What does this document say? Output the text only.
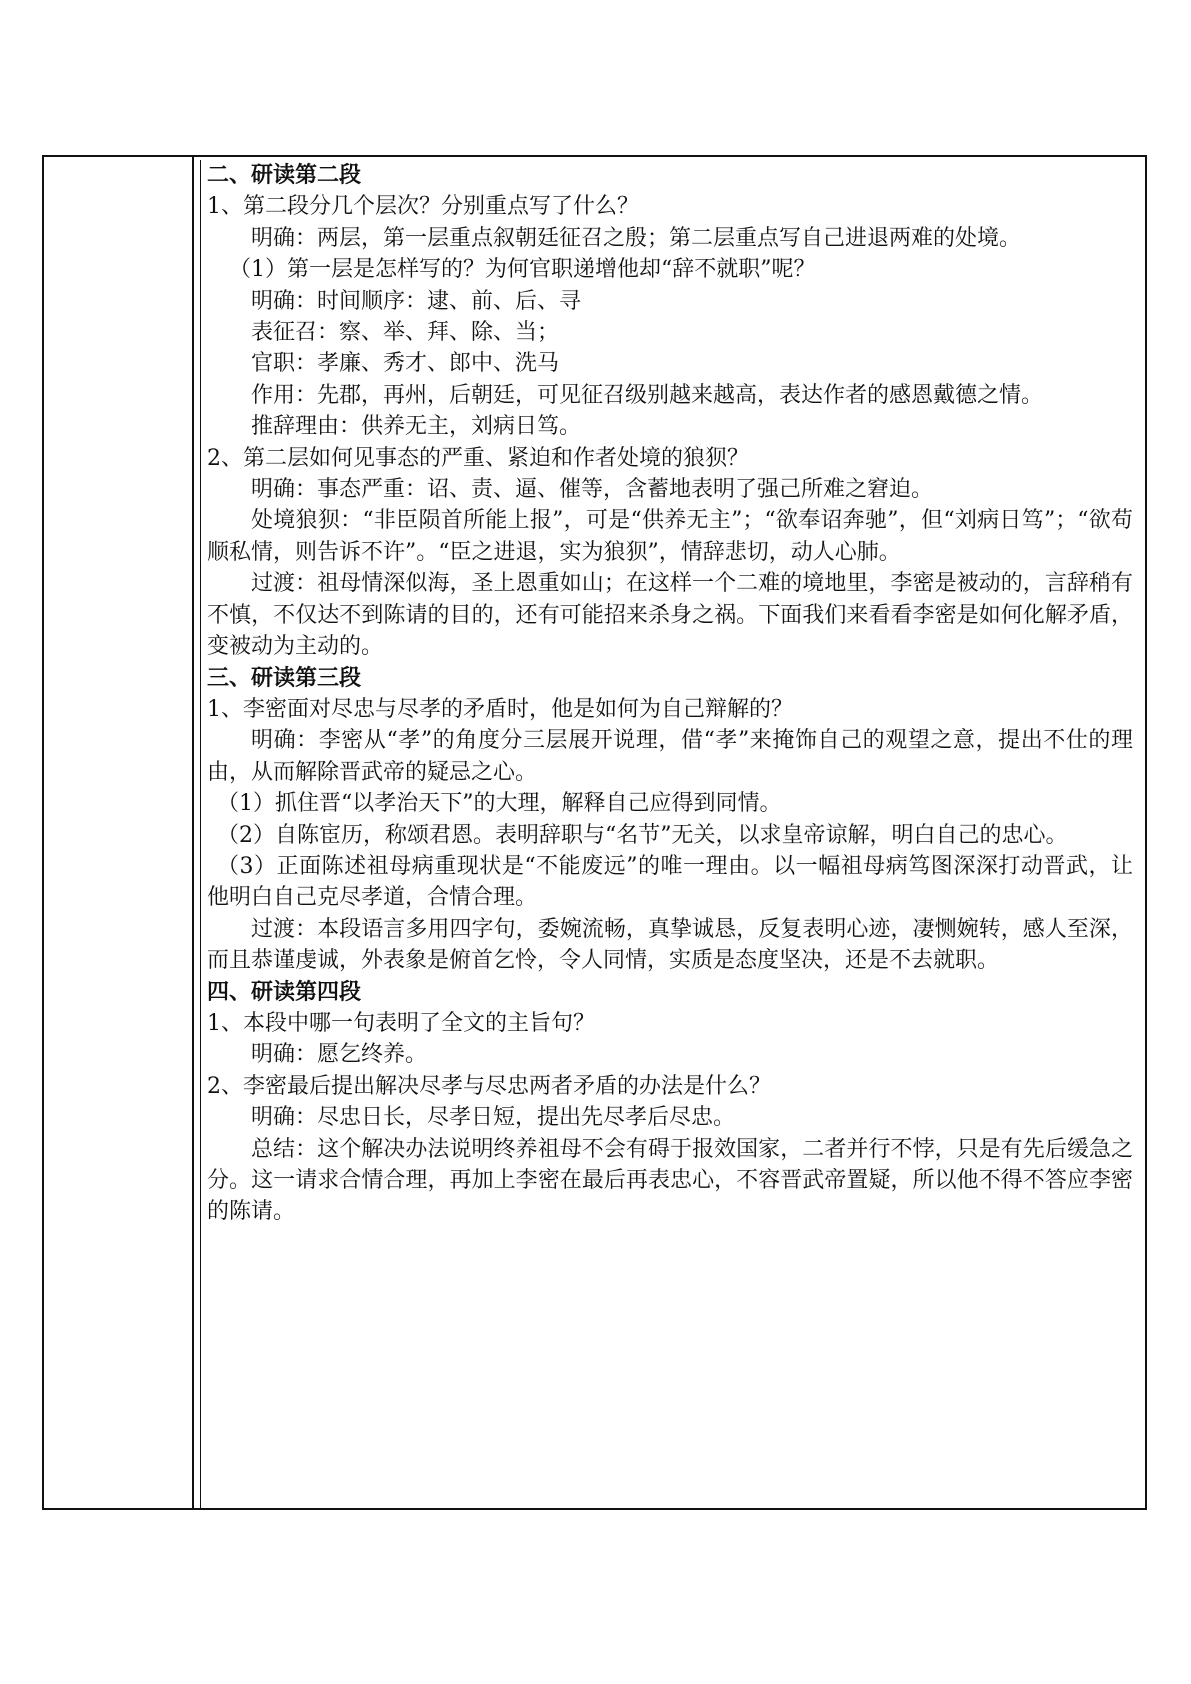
二、研读第二段

1、第二段分几个层次？分别重点写了什么？

明确：两层，第一层重点叙朝廷征召之殷；第二层重点写自己进退两难的处境。

（1）第一层是怎样写的？为何官职递增他却“辞不就职”呢？

明确：时间顺序：逮、前、后、寻

表征召：察、举、拜、除、当；

官职：孝廉、秀才、郎中、洗马

作用：先郡，再州，后朝廷，可见征召级别越来越高，表达作者的感恩戴德之情。

推辞理由：供养无主，刘病日笃。

2、第二层如何见事态的严重、紧迫和作者处境的狼狈？

明确：事态严重：诏、责、逼、催等，含蓄地表明了强己所难之窘迫。

处境狼狈：“非臣陨首所能上报”，可是“供养无主”；“欲奉诏奔驰”，但“刘病日笃”；“欲苟顺私情，则告诉不许”。“臣之进退，实为狼狈”，情辞悲切，动人心肺。

过渡：祖母情深似海，圣上恩重如山；在这样一个二难的境地里，李密是被动的，言辞稍有不慎，不仅达不到陈请的目的，还有可能招来杀身之祸。下面我们来看看李密是如何化解矛盾，变被动为主动的。

三、研读第三段

1、李密面对尽忠与尽孝的矛盾时，他是如何为自己辩解的？

明确：李密从“孝”的角度分三层展开说理，借“孝”来掩饰自己的观望之意，提出不仕的理由，从而解除晋武帝的疑忌之心。

（1）抓住晋“以孝治天下”的大理，解释自己应得到同情。

（2）自陈宦历，称颂君恩。表明辞职与“名节”无关，以求皇帝谅解，明白自己的忠心。

（3）正面陈述祖母病重现状是“不能废远”的唯一理由。以一幅祖母病笃图深深打动晋武，让他明白自己克尽孝道，合情合理。

过渡：本段语言多用四字句，委婉流畅，真挚诚恳，反复表明心迹，凄恻婉转，感人至深，而且恭谨虔诚，外表象是俯首乞怜，令人同情，实质是态度坚决，还是不去就职。

四、研读第四段

1、本段中哪一句表明了全文的主旨句？

明确：愿乞终养。

2、李密最后提出解决尽孝与尽忠两者矛盾的办法是什么？

明确：尽忠日长，尽孝日短，提出先尽孝后尽忠。

总结：这个解决办法说明终养祖母不会有碍于报效国家，二者并行不悖，只是有先后缓急之分。这一请求合情合理，再加上李密在最后再表忠心，不容晋武帝置疑，所以他不得不答应李密的陈请。
